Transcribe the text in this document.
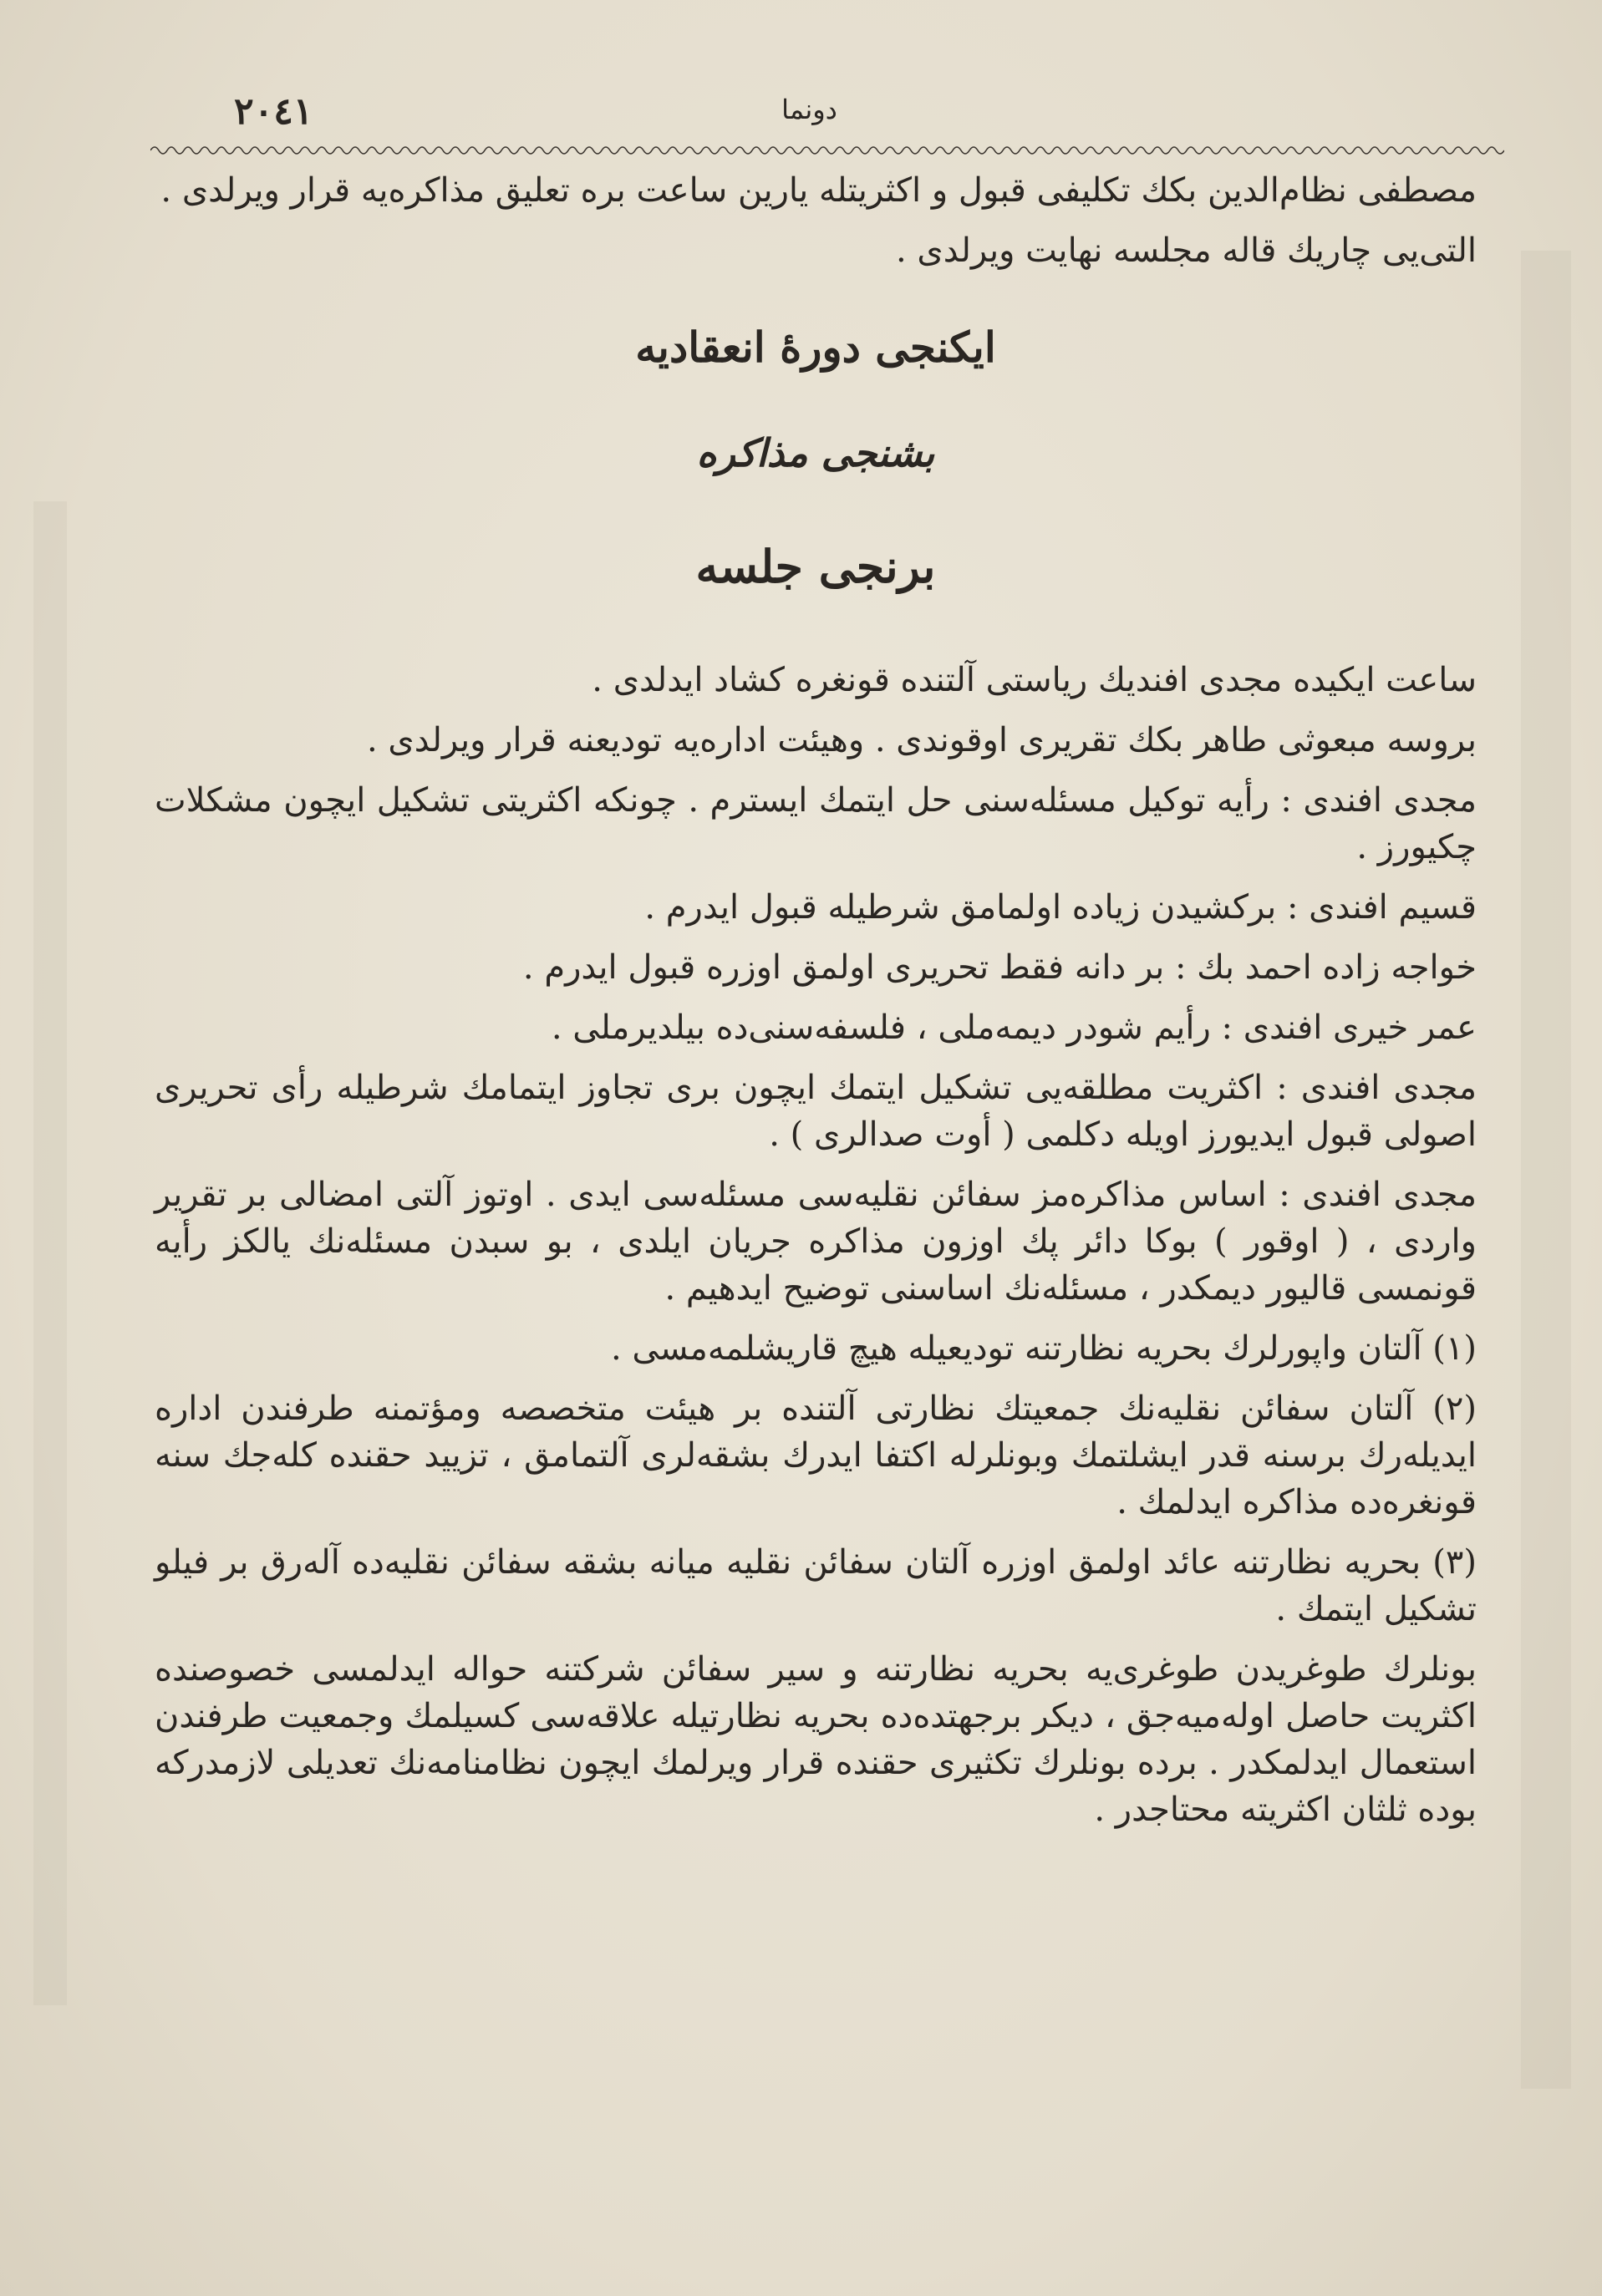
٢٠٤١	دونما

مصطفى نظام‌الدين بكك تكليفى قبول و اكثريتله يارين ساعت بره تعليق مذاكره‌يه قرار ويرلدى .

التى‌يى چاريك قاله مجلسه نهايت ويرلدى .

ايكنجى دورهٔ انعقاديه

بشنجى مذاكره

برنجى جلسه

ساعت ايكيده مجدى افنديك رياستى آلتنده قونغره كشاد ايدلدى .

بروسه مبعوثى طاهر بكك تقريرى اوقوندى . وهيئت اداره‌يه توديعنه قرار ويرلدى .

مجدى افندى : رأيه توكيل مسئله‌سنى حل ايتمك ايسترم . چونكه اكثريتى تشكيل ايچون مشكلات چكيورز .

قسيم افندى : بركشيدن زياده اولمامق شرطيله قبول ايدرم .

خواجه زاده احمد بك : بر دانه فقط تحريرى اولمق اوزره قبول ايدرم .

عمر خيرى افندى : رأيم شودر ديمه‌ملى ، فلسفه‌سنى‌ده بيلديرملى .

مجدى افندى : اكثريت مطلقه‌يى تشكيل ايتمك ايچون برى تجاوز ايتمامك شرطيله رأى تحريرى اصولى قبول ايديورز اويله دكلمى ( أوت صدالرى ) .

مجدى افندى : اساس مذاكره‌مز سفائن نقليه‌سى مسئله‌سى ايدى . اوتوز آلتى امضالى بر تقرير واردى ، ( اوقور ) بوكا دائر پك اوزون مذاكره جريان ايلدى ، بو سبدن مسئله‌نك يالكز رأيه قونمسى قاليور ديمكدر ، مسئله‌نك اساسنى توضيح ايدهيم .

(١) آلتان واپورلرك بحريه نظارتنه توديعيله هيچ قاريشلمه‌مسى .

(٢) آلتان سفائن نقليه‌نك جمعيتك نظارتى آلتنده بر هيئت متخصصه ومؤتمنه طرفندن اداره ايديله‌رك برسنه قدر ايشلتمك وبونلرله اكتفا ايدرك بشقه‌لرى آلتمامق ، تزييد حقنده كله‌جك سنه قونغره‌ده مذاكره ايدلمك .

(٣) بحريه نظارتنه عائد اولمق اوزره آلتان سفائن نقليه ميانه بشقه سفائن نقليه‌ده آله‌رق بر فيلو تشكيل ايتمك .

بونلرك طوغريدن طوغرى‌يه بحريه نظارتنه و سير سفائن شركتنه حواله ايدلمسى خصوصنده اكثريت حاصل اوله‌ميه‌جق ، ديكر برجهتده‌ده بحريه نظارتيله علاقه‌سى كسيلمك وجمعيت طرفندن استعمال ايدلمكدر . برده بونلرك تكثيرى حقنده قرار ويرلمك ايچون نظامنامه‌نك تعديلى لازمدركه بوده ثلثان اكثريته محتاجدر .
